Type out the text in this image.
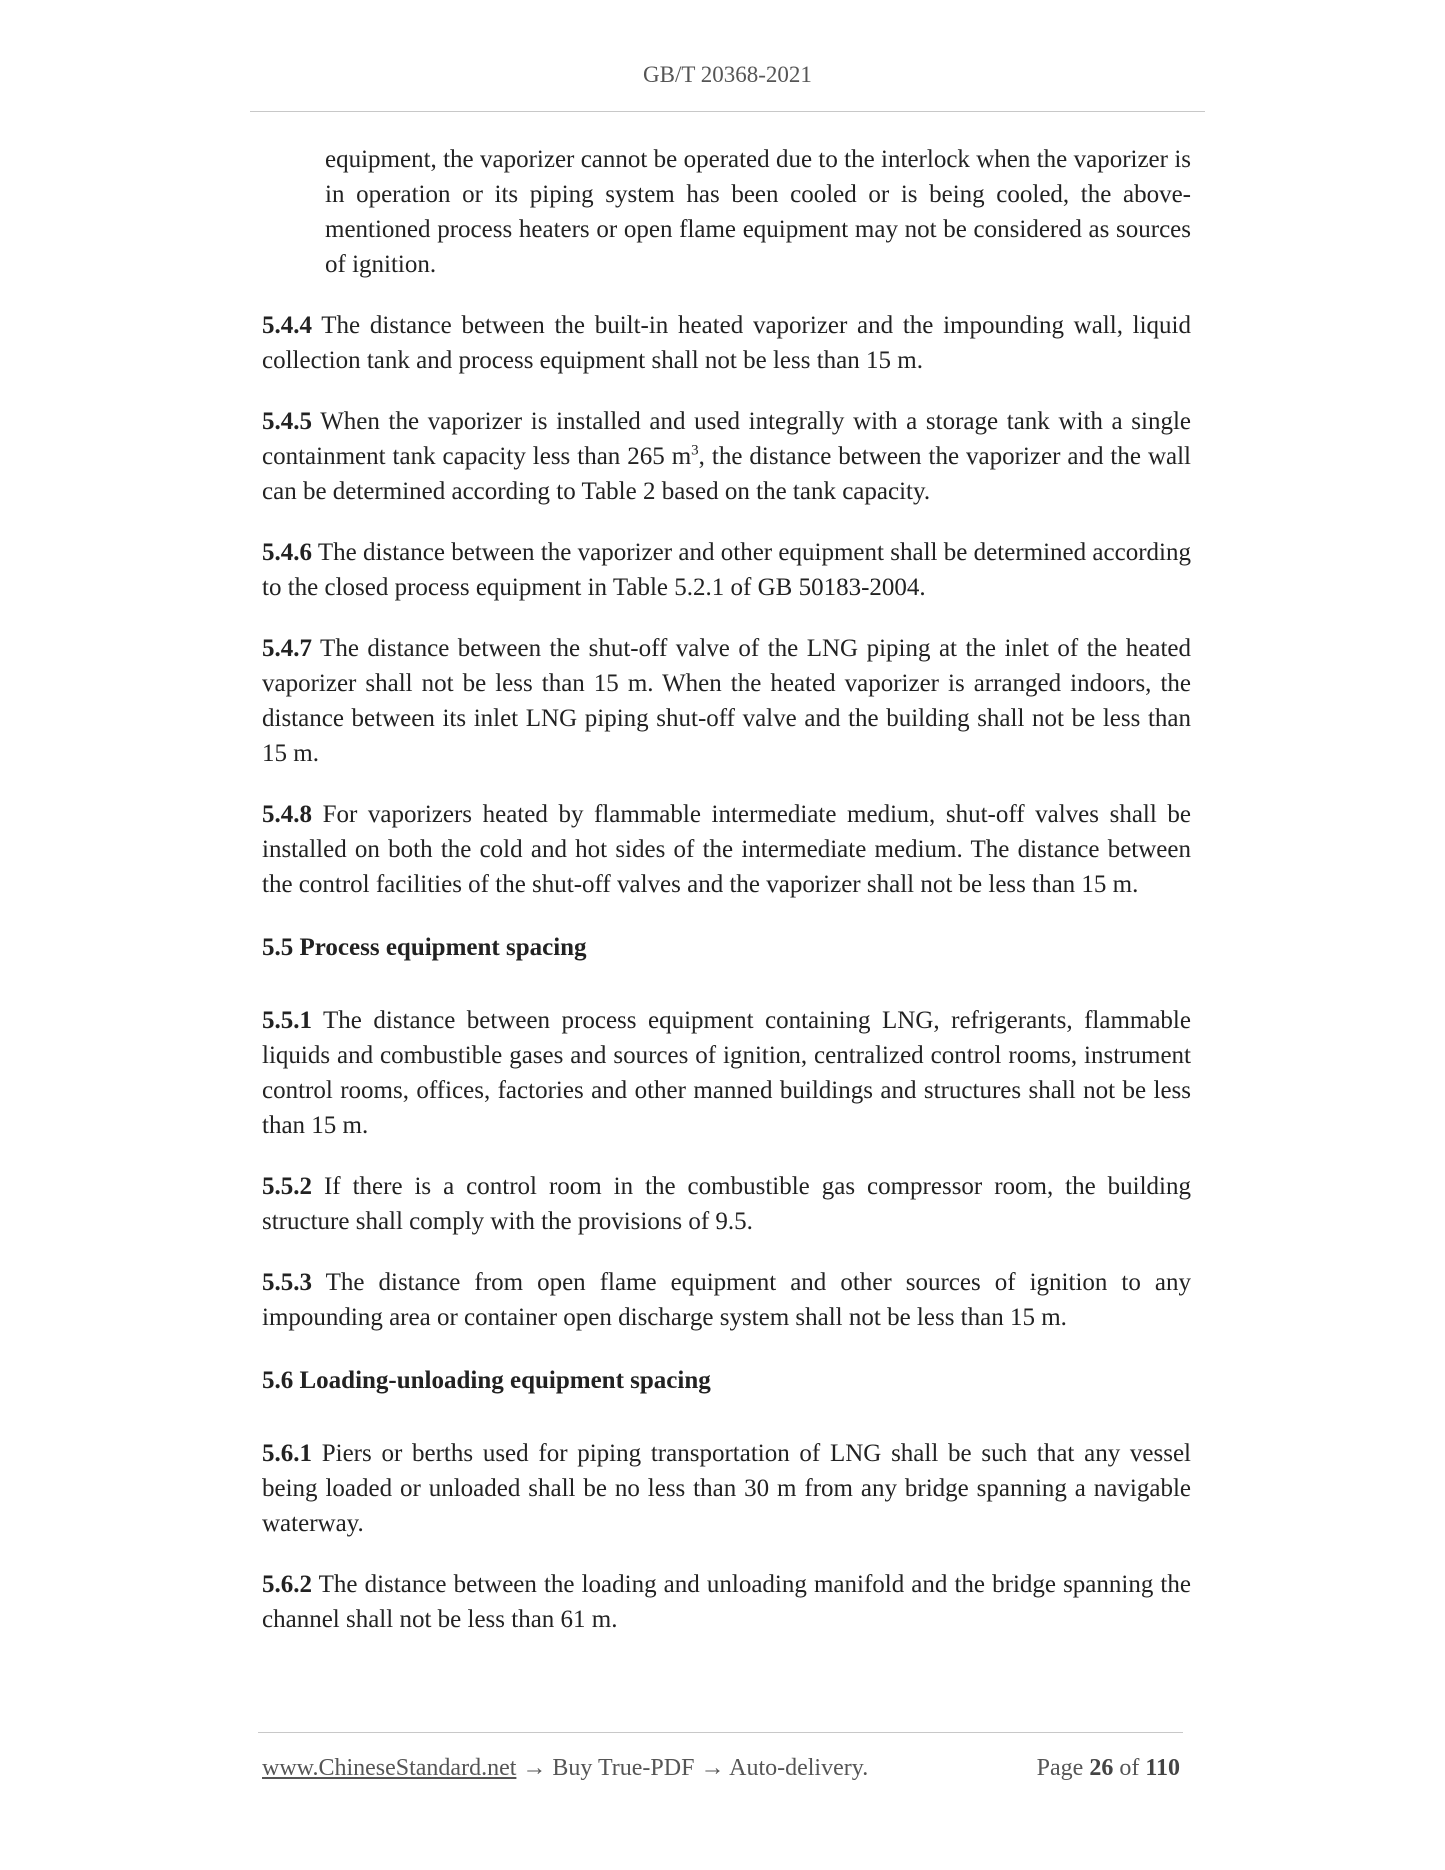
GB/T 20368-2021

equipment, the vaporizer cannot be operated due to the interlock when the vaporizer is in operation or its piping system has been cooled or is being cooled, the above-mentioned process heaters or open flame equipment may not be considered as sources of ignition.

5.4.4 The distance between the built-in heated vaporizer and the impounding wall, liquid collection tank and process equipment shall not be less than 15 m.

5.4.5 When the vaporizer is installed and used integrally with a storage tank with a single containment tank capacity less than 265 $m^3$, the distance between the vaporizer and the wall can be determined according to Table 2 based on the tank capacity.

5.4.6 The distance between the vaporizer and other equipment shall be determined according to the closed process equipment in Table 5.2.1 of GB 50183-2004.

5.4.7 The distance between the shut-off valve of the LNG piping at the inlet of the heated vaporizer shall not be less than 15 m. When the heated vaporizer is arranged indoors, the distance between its inlet LNG piping shut-off valve and the building shall not be less than 15 m.

5.4.8 For vaporizers heated by flammable intermediate medium, shut-off valves shall be installed on both the cold and hot sides of the intermediate medium. The distance between the control facilities of the shut-off valves and the vaporizer shall not be less than 15 m.

5.5 Process equipment spacing

5.5.1 The distance between process equipment containing LNG, refrigerants, flammable liquids and combustible gases and sources of ignition, centralized control rooms, instrument control rooms, offices, factories and other manned buildings and structures shall not be less than 15 m.

5.5.2 If there is a control room in the combustible gas compressor room, the building structure shall comply with the provisions of 9.5.

5.5.3 The distance from open flame equipment and other sources of ignition to any impounding area or container open discharge system shall not be less than 15 m.

5.6 Loading-unloading equipment spacing

5.6.1 Piers or berths used for piping transportation of LNG shall be such that any vessel being loaded or unloaded shall be no less than 30 m from any bridge spanning a navigable waterway.

5.6.2 The distance between the loading and unloading manifold and the bridge spanning the channel shall not be less than 61 m.

www.ChineseStandard.net → Buy True-PDF → Auto-delivery.	Page 26 of 110
